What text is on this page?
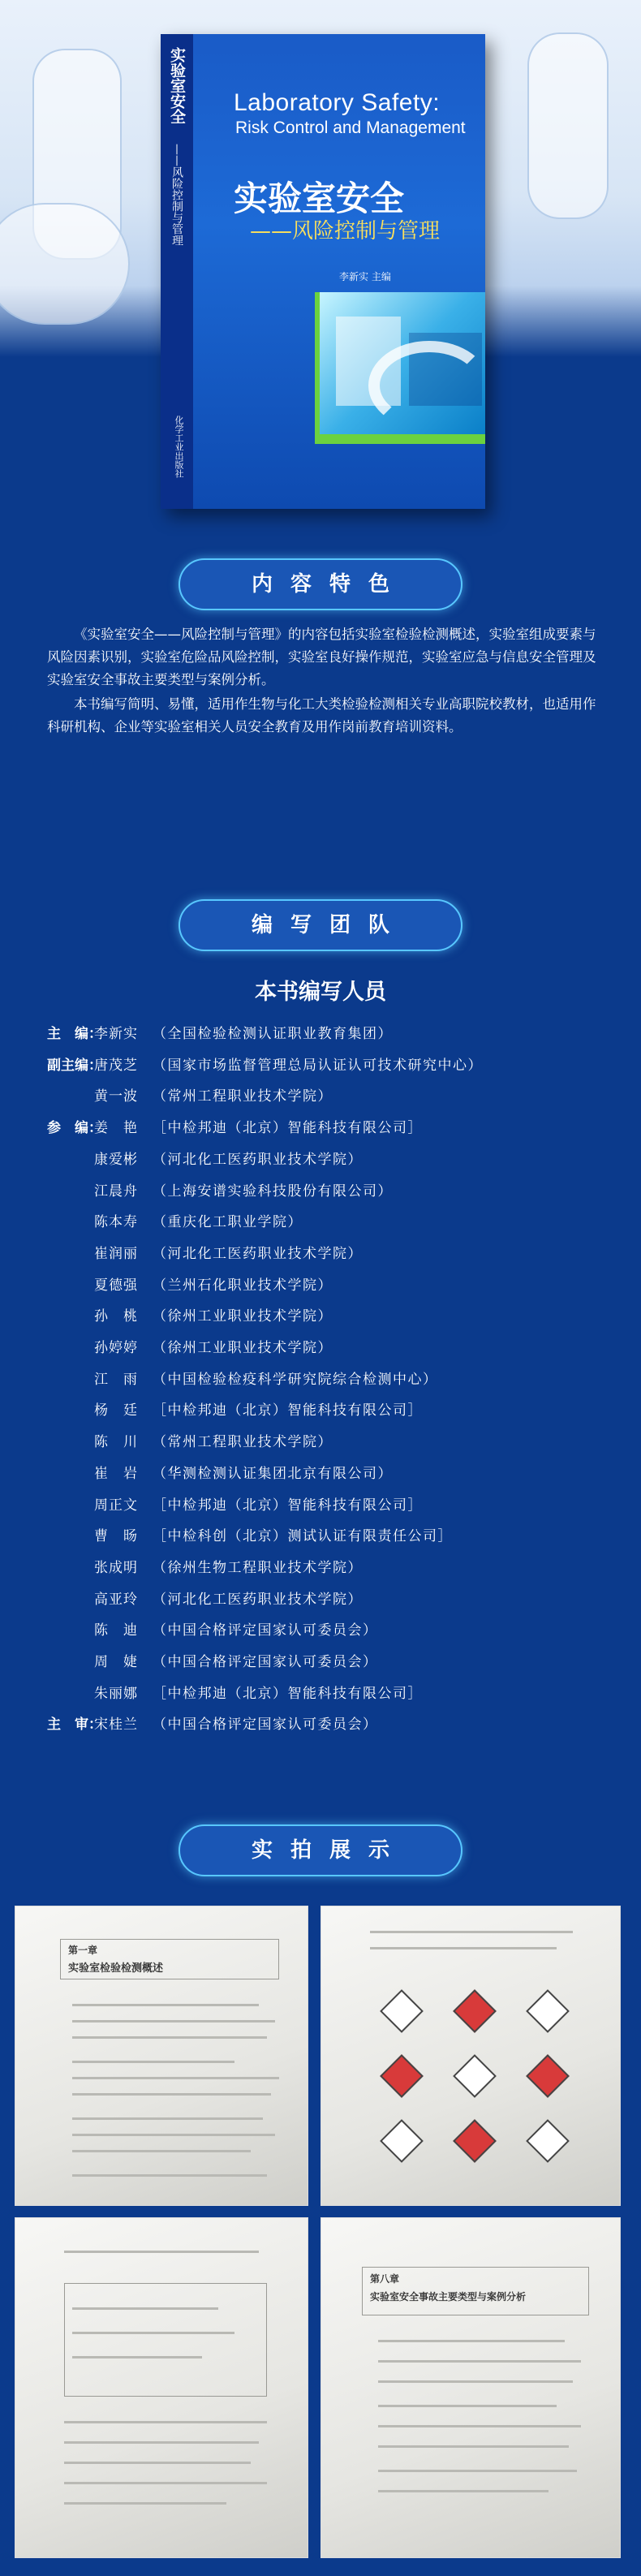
实验室安全
——风险控制与管理
化学工业出版社
Laboratory Safety:
Risk Control and Management
实验室安全
——风险控制与管理
李新实 主编
内容特色

《实验室安全——风险控制与管理》的内容包括实验室检验检测概述，实验室组成要素与风险因素识别，实验室危险品风险控制，实验室良好操作规范，实验室应急与信息安全管理及实验室安全事故主要类型与案例分析。

本书编写简明、易懂，适用作生物与化工大类检验检测相关专业高职院校教材，也适用作科研机构、企业等实验室相关人员安全教育及用作岗前教育培训资料。

编写团队
本书编写人员
主　编：李新实 （全国检验检测认证职业教育集团）
副主编：唐茂芝 （国家市场监督管理总局认证认可技术研究中心）
黄一波 （常州工程职业技术学院）
参　编：姜　艳 ［中检邦迪（北京）智能科技有限公司］
康爱彬 （河北化工医药职业技术学院）
江晨舟 （上海安谱实验科技股份有限公司）
陈本寿 （重庆化工职业学院）
崔润丽 （河北化工医药职业技术学院）
夏德强 （兰州石化职业技术学院）
孙　桃 （徐州工业职业技术学院）
孙婷婷 （徐州工业职业技术学院）
江　雨 （中国检验检疫科学研究院综合检测中心）
杨　廷 ［中检邦迪（北京）智能科技有限公司］
陈　川 （常州工程职业技术学院）
崔　岩 （华测检测认证集团北京有限公司）
周正文 ［中检邦迪（北京）智能科技有限公司］
曹　旸 ［中检科创（北京）测试认证有限责任公司］
张成明 （徐州生物工程职业技术学院）
高亚玲 （河北化工医药职业技术学院）
陈　迪 （中国合格评定国家认可委员会）
周　婕 （中国合格评定国家认可委员会）
朱丽娜 ［中检邦迪（北京）智能科技有限公司］
主　审：宋桂兰 （中国合格评定国家认可委员会）
实拍展示
第一章
实验室检验检测概述
第八章
实验室安全事故主要类型与案例分析
